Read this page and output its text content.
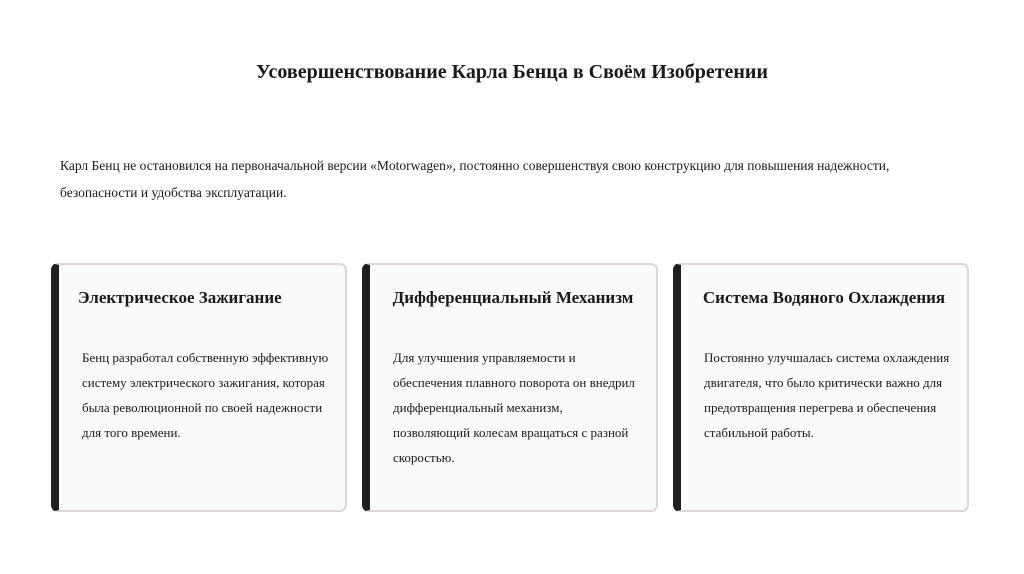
Усовершенствование Карла Бенца в Своём Изобретении

Карл Бенц не остановился на первоначальной версии «Motorwagen», постоянно совершенствуя свою конструкцию для повышения надежности, безопасности и удобства эксплуатации.

Электрическое Зажигание

Бенц разработал собственную эффективную систему электрического зажигания, которая была революционной по своей надежности для того времени.

Дифференциальный Механизм

Для улучшения управляемости и обеспечения плавного поворота он внедрил дифференциальный механизм, позволяющий колесам вращаться с разной скоростью.

Система Водяного Охлаждения

Постоянно улучшалась система охлаждения двигателя, что было критически важно для предотвращения перегрева и обеспечения стабильной работы.
